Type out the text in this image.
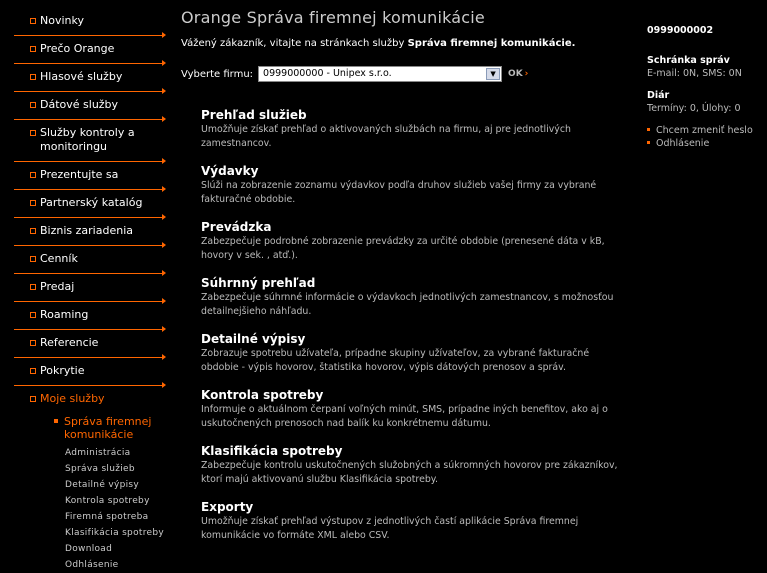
Novinky
Prečo Orange
Hlasové služby
Dátové služby
Služby kontroly a monitoringu
Prezentujte sa
Partnerský katalóg
Biznis zariadenia
Cenník
Predaj
Roaming
Referencie
Pokrytie
Moje služby
Správa firemnej komunikácie
Administrácia
Správa služieb
Detailné výpisy
Kontrola spotreby
Firemná spotreba
Klasifikácia spotreby
Download
Odhlásenie
Orange Správa firemnej komunikácie
Vážený zákazník, vitajte na stránkach služby Správa firemnej komunikácie.
Vyberte firmu:	0999000000 - Unipex s.r.o.	▼	OK ›
Prehľad služieb
Umožňuje získať prehľad o aktivovaných službách na firmu, aj pre jednotlivých zamestnancov.
Výdavky
Slúži na zobrazenie zoznamu výdavkov podľa druhov služieb vašej firmy za vybrané fakturačné obdobie.
Prevádzka
Zabezpečuje podrobné zobrazenie prevádzky za určité obdobie (prenesené dáta v kB, hovory v sek. , atď.).
Súhrnný prehľad
Zabezpečuje súhrnné informácie o výdavkoch jednotlivých zamestnancov, s možnosťou detailnejšieho náhľadu.
Detailné výpisy
Zobrazuje spotrebu užívateľa, prípadne skupiny užívateľov, za vybrané fakturačné obdobie - výpis hovorov, štatistika hovorov, výpis dátových prenosov a správ.
Kontrola spotreby
Informuje o aktuálnom čerpaní voľných minút, SMS, prípadne iných benefitov, ako aj o uskutočnených prenosoch nad balík ku konkrétnemu dátumu.
Klasifikácia spotreby
Zabezpečuje kontrolu uskutočnených služobných a súkromných hovorov pre zákazníkov, ktorí majú aktivovanú službu Klasifikácia spotreby.
Exporty
Umožňuje získať prehľad výstupov z jednotlivých častí aplikácie Správa firemnej komunikácie vo formáte XML alebo CSV.
0999000002
Schránka správ
E-mail: 0N, SMS: 0N
Diár
Termíny: 0, Úlohy: 0
Chcem zmeniť heslo
Odhlásenie
